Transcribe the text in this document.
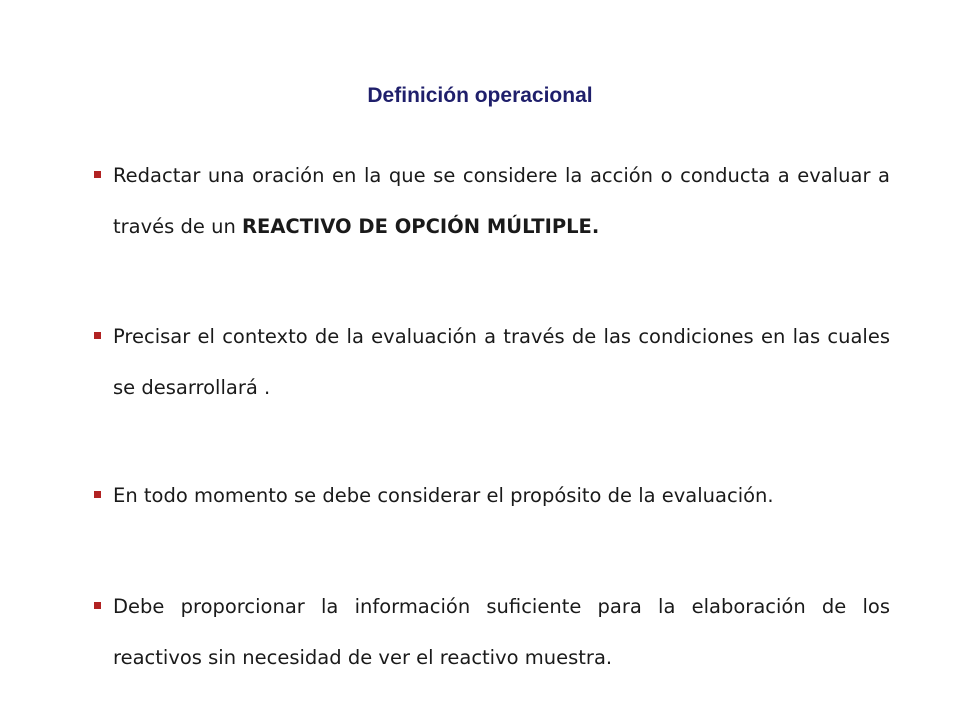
Definición operacional
Redactar una oración en la que se considere la acción o conducta a evaluar a través de un REACTIVO DE OPCIÓN MÚLTIPLE.
Precisar el contexto de la evaluación a través de las condiciones en las cuales se desarrollará .
En todo momento se debe considerar el propósito de la evaluación.
Debe proporcionar la información suficiente para la elaboración de los reactivos sin necesidad de ver el reactivo muestra.
